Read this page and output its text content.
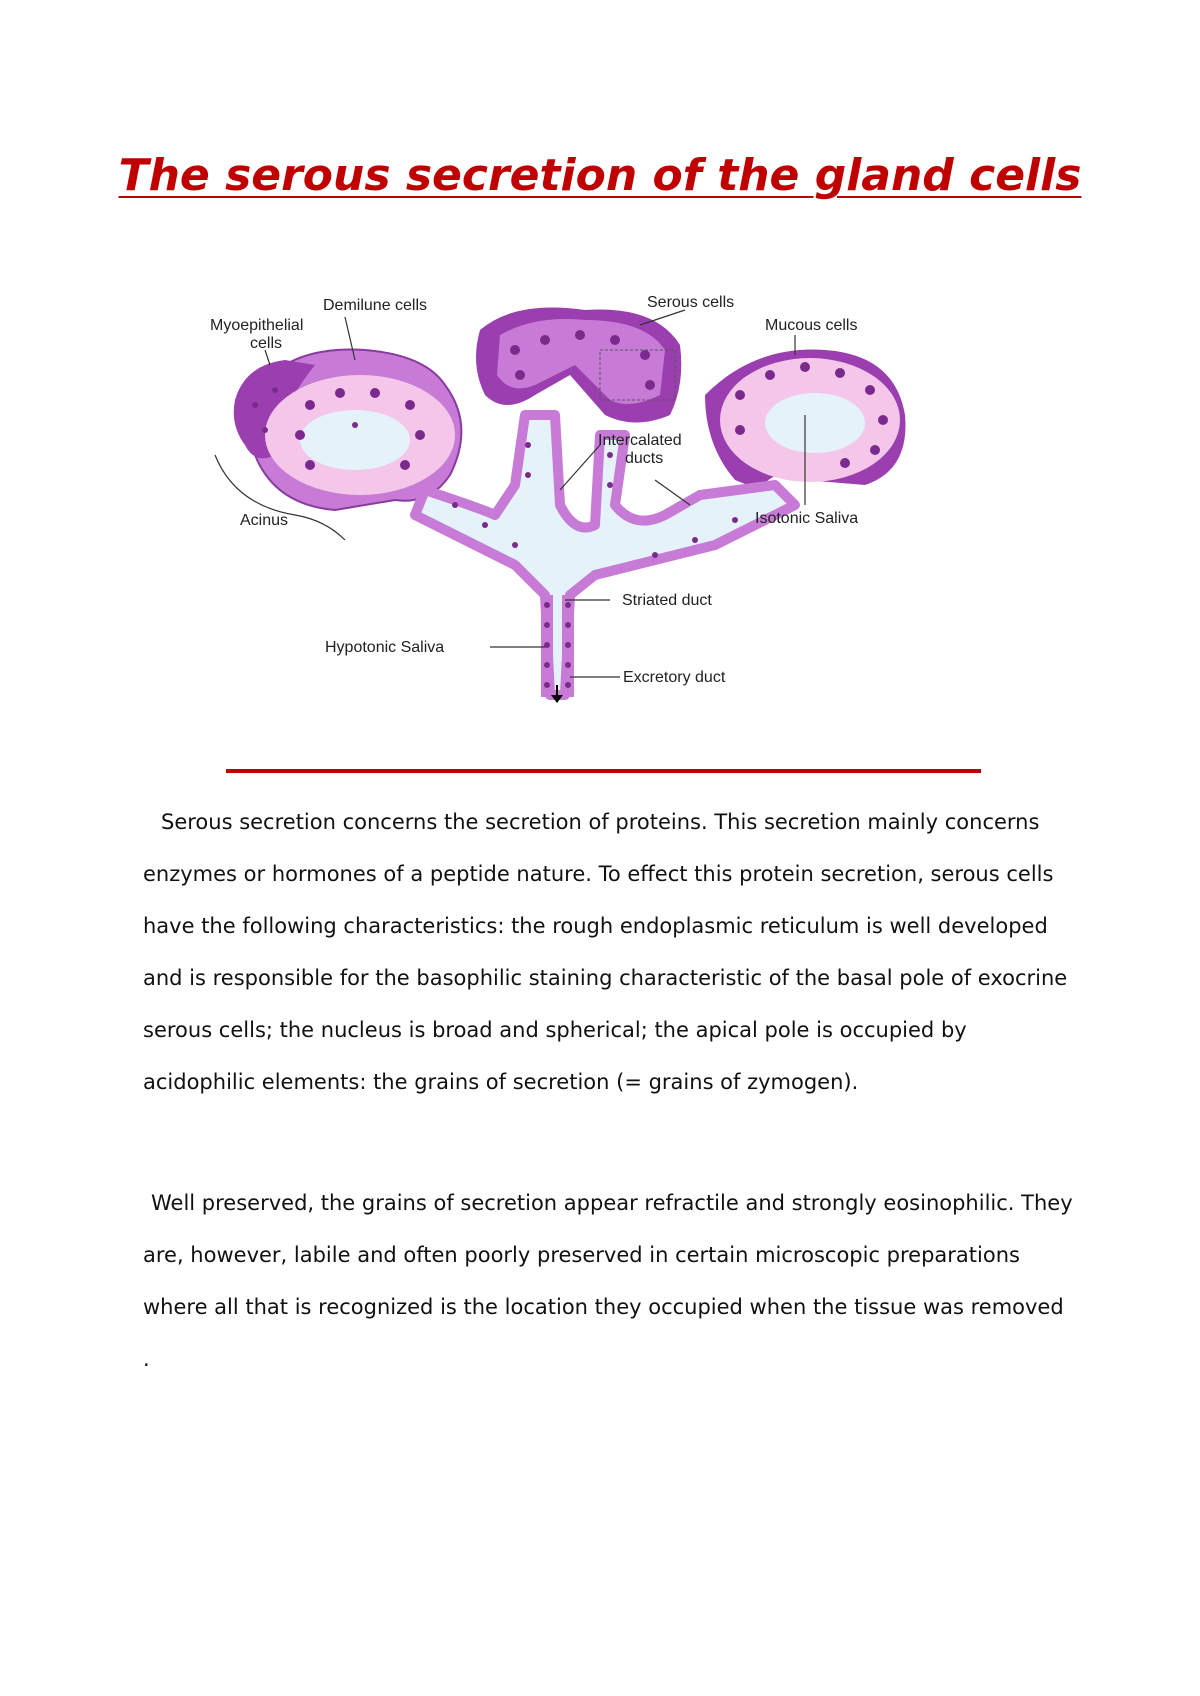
The serous secretion of the gland cells
Demilune cells
Myoepithelial
cells
Serous cells
Mucous cells
Intercalated
ducts
Acinus	Isotonic Saliva
Striated duct
Hypotonic Saliva
Excretory duct

Serous secretion concerns the secretion of proteins. This secretion mainly concerns enzymes or hormones of a peptide nature. To effect this protein secretion, serous cells have the following characteristics: the rough endoplasmic reticulum is well developed and is responsible for the basophilic staining characteristic of the basal pole of exocrine serous cells; the nucleus is broad and spherical; the apical pole is occupied by acidophilic elements: the grains of secretion (= grains of zymogen).

Well preserved, the grains of secretion appear refractile and strongly eosinophilic. They are, however, labile and often poorly preserved in certain microscopic preparations where all that is recognized is the location they occupied when the tissue was removed .
